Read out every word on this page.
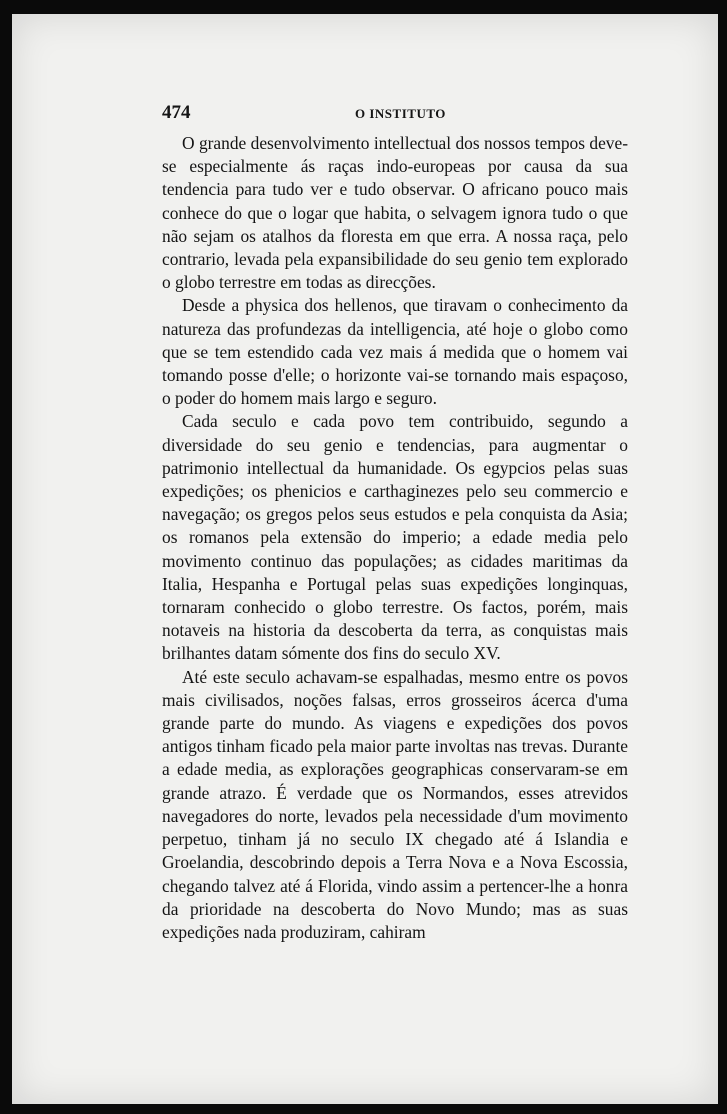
474	O INSTITUTO

O grande desenvolvimento intellectual dos nossos tempos deve-se especialmente ás raças indo-europeas por causa da sua tendencia para tudo ver e tudo observar. O africano pouco mais conhece do que o logar que habita, o selvagem ignora tudo o que não sejam os atalhos da floresta em que erra. A nossa raça, pelo contrario, levada pela expansibilidade do seu genio tem explorado o globo terrestre em todas as direcções.

Desde a physica dos hellenos, que tiravam o conhecimento da natureza das profundezas da intelligencia, até hoje o globo como que se tem estendido cada vez mais á medida que o homem vai tomando posse d'elle; o horizonte vai-se tornando mais espaçoso, o poder do homem mais largo e seguro.

Cada seculo e cada povo tem contribuido, segundo a diversidade do seu genio e tendencias, para augmentar o patrimonio intellectual da humanidade. Os egypcios pelas suas expedições; os phenicios e carthaginezes pelo seu commercio e navegação; os gregos pelos seus estudos e pela conquista da Asia; os romanos pela extensão do imperio; a edade media pelo movimento continuo das populações; as cidades maritimas da Italia, Hespanha e Portugal pelas suas expedições longinquas, tornaram conhecido o globo terrestre. Os factos, porém, mais notaveis na historia da descoberta da terra, as conquistas mais brilhantes datam sómente dos fins do seculo XV.

Até este seculo achavam-se espalhadas, mesmo entre os povos mais civilisados, noções falsas, erros grosseiros ácerca d'uma grande parte do mundo. As viagens e expedições dos povos antigos tinham ficado pela maior parte involtas nas trevas. Durante a edade media, as explorações geographicas conservaram-se em grande atrazo. É verdade que os Normandos, esses atrevidos navegadores do norte, levados pela necessidade d'um movimento perpetuo, tinham já no seculo IX chegado até á Islandia e Groelandia, descobrindo depois a Terra Nova e a Nova Escossia, chegando talvez até á Florida, vindo assim a pertencer-lhe a honra da prioridade na descoberta do Novo Mundo; mas as suas expedições nada produziram, cahiram
